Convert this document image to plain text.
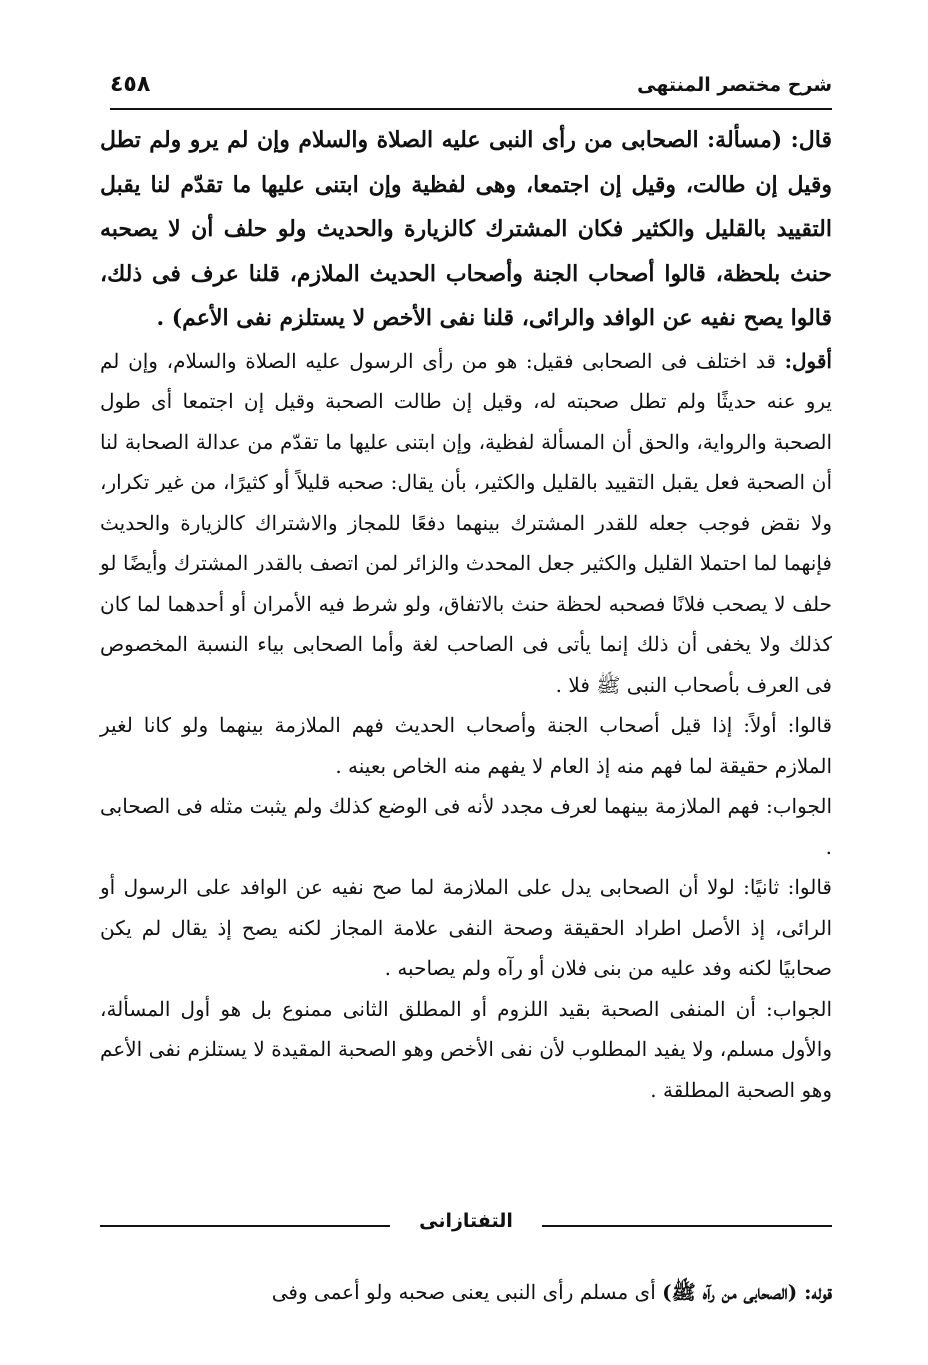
شرح مختصر المنتهى
٤٥٨

قال: (مسألة: الصحابى من رأى النبى عليه الصلاة والسلام وإن لم يرو ولم تطل وقيل إن طالت، وقيل إن اجتمعا، وهى لفظية وإن ابتنى عليها ما تقدّم لنا يقبل التقييد بالقليل والكثير فكان المشترك كالزيارة والحديث ولو حلف أن لا يصحبه حنث بلحظة، قالوا أصحاب الجنة وأصحاب الحديث الملازم، قلنا عرف فى ذلك، قالوا يصح نفيه عن الوافد والرائى، قلنا نفى الأخص لا يستلزم نفى الأعم) .

أقول: قد اختلف فى الصحابى فقيل: هو من رأى الرسول عليه الصلاة والسلام، وإن لم يرو عنه حديثًا ولم تطل صحبته له، وقيل إن طالت الصحبة وقيل إن اجتمعا أى طول الصحبة والرواية، والحق أن المسألة لفظية، وإن ابتنى عليها ما تقدّم من عدالة الصحابة لنا أن الصحبة فعل يقبل التقييد بالقليل والكثير، بأن يقال: صحبه قليلاً أو كثيرًا، من غير تكرار، ولا نقض فوجب جعله للقدر المشترك بينهما دفعًا للمجاز والاشتراك كالزيارة والحديث فإنهما لما احتملا القليل والكثير جعل المحدث والزائر لمن اتصف بالقدر المشترك وأيضًا لو حلف لا يصحب فلانًا فصحبه لحظة حنث بالاتفاق، ولو شرط فيه الأمران أو أحدهما لما كان كذلك ولا يخفى أن ذلك إنما يأتى فى الصاحب لغة وأما الصحابى بياء النسبة المخصوص فى العرف بأصحاب النبى ﷺ فلا .

قالوا: أولاً: إذا قيل أصحاب الجنة وأصحاب الحديث فهم الملازمة بينهما ولو كانا لغير الملازم حقيقة لما فهم منه إذ العام لا يفهم منه الخاص بعينه .

الجواب: فهم الملازمة بينهما لعرف مجدد لأنه فى الوضع كذلك ولم يثبت مثله فى الصحابى .

قالوا: ثانيًا: لولا أن الصحابى يدل على الملازمة لما صح نفيه عن الوافد على الرسول أو الرائى، إذ الأصل اطراد الحقيقة وصحة النفى علامة المجاز لكنه يصح إذ يقال لم يكن صحابيًا لكنه وفد عليه من بنى فلان أو رآه ولم يصاحبه .

الجواب: أن المنفى الصحبة بقيد اللزوم أو المطلق الثانى ممنوع بل هو أول المسألة، والأول مسلم، ولا يفيد المطلوب لأن نفى الأخص وهو الصحبة المقيدة لا يستلزم نفى الأعم وهو الصحبة المطلقة .

التفتازانى

قوله: (الصحابى من رآه ﷺ) أى مسلم رأى النبى يعنى صحبه ولو أعمى وفى
